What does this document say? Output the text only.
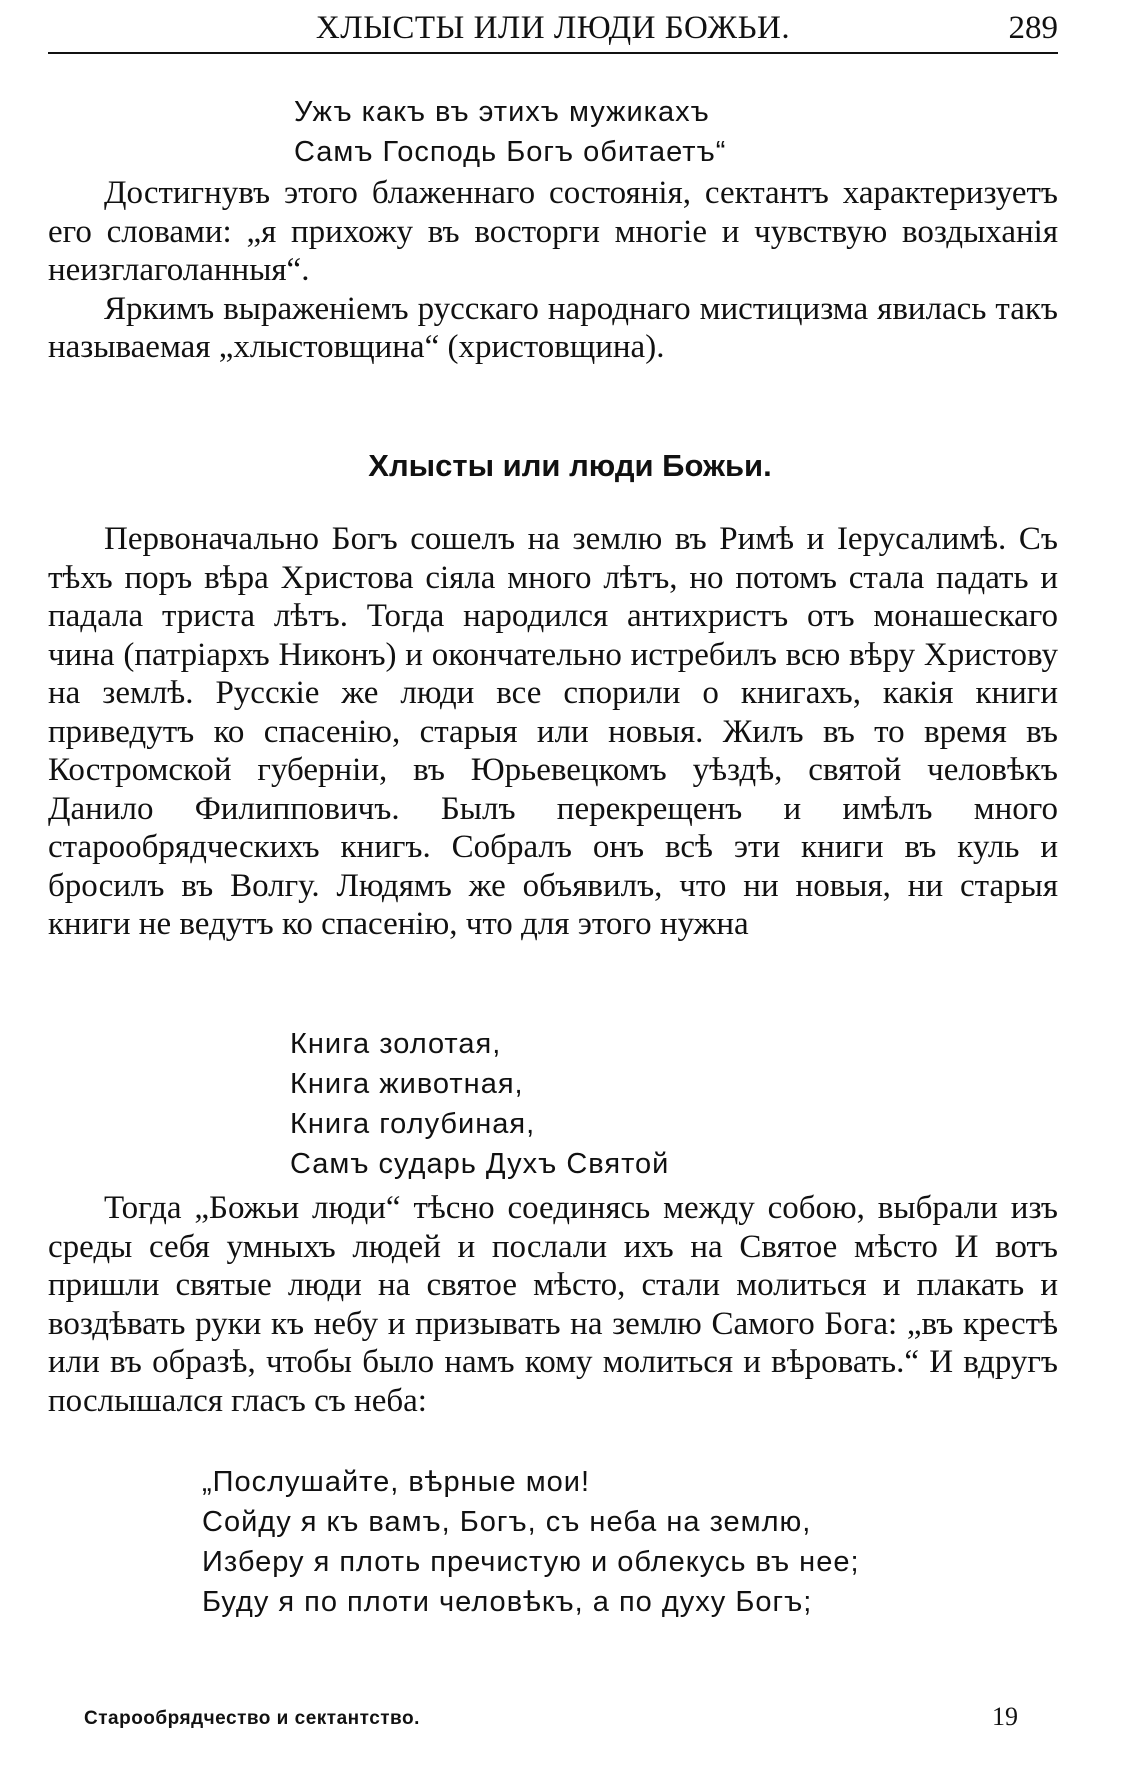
ХЛЫСТЫ ИЛИ ЛЮДИ БОЖЬИ.	289
Ужъ какъ въ этихъ мужикахъ
Самъ Господь Богъ обитаетъ“

Достигнувъ этого блаженнаго состоянія, сектантъ характеризуетъ его словами: „я прихожу въ восторги многіе и чувствую воздыханія неизглаголанныя“.

Яркимъ выраженіемъ русскаго народнаго мистицизма явилась такъ называемая „хлыстовщина“ (христовщина).

Хлысты или люди Божьи.

Первоначально Богъ сошелъ на землю въ Римѣ и Іерусалимѣ. Съ тѣхъ поръ вѣра Христова сіяла много лѣтъ, но потомъ стала падать и падала триста лѣтъ. Тогда народился антихристъ отъ монашескаго чина (патріархъ Никонъ) и окончательно истребилъ всю вѣру Христову на землѣ. Русскіе же люди все спорили о книгахъ, какія книги приведутъ ко спасенію, старыя или новыя. Жилъ въ то время въ Костромской губерніи, въ Юрьевецкомъ уѣздѣ, святой человѣкъ Данило Филипповичъ. Былъ перекрещенъ и имѣлъ много старообрядческихъ книгъ. Собралъ онъ всѣ эти книги въ куль и бросилъ въ Волгу. Людямъ же объявилъ, что ни новыя, ни старыя книги не ведутъ ко спасенію, что для этого нужна

Книга золотая,
Книга животная,
Книга голубиная,
Самъ сударь Духъ Святой

Тогда „Божьи люди“ тѣсно соединясь между собою, выбрали изъ среды себя умныхъ людей и послали ихъ на Святое мѣсто И вотъ пришли святые люди на святое мѣсто, стали молиться и плакать и воздѣвать руки къ небу и призывать на землю Самого Бога: „въ крестѣ или въ образѣ, чтобы было намъ кому молиться и вѣровать.“ И вдругъ послышался гласъ съ неба:

„Послушайте, вѣрные мои!
Сойду я къ вамъ, Богъ, съ неба на землю,
Изберу я плоть пречистую и облекусь въ нее;
Буду я по плоти человѣкъ, а по духу Богъ;
Старообрядчество и сектантство.	19
